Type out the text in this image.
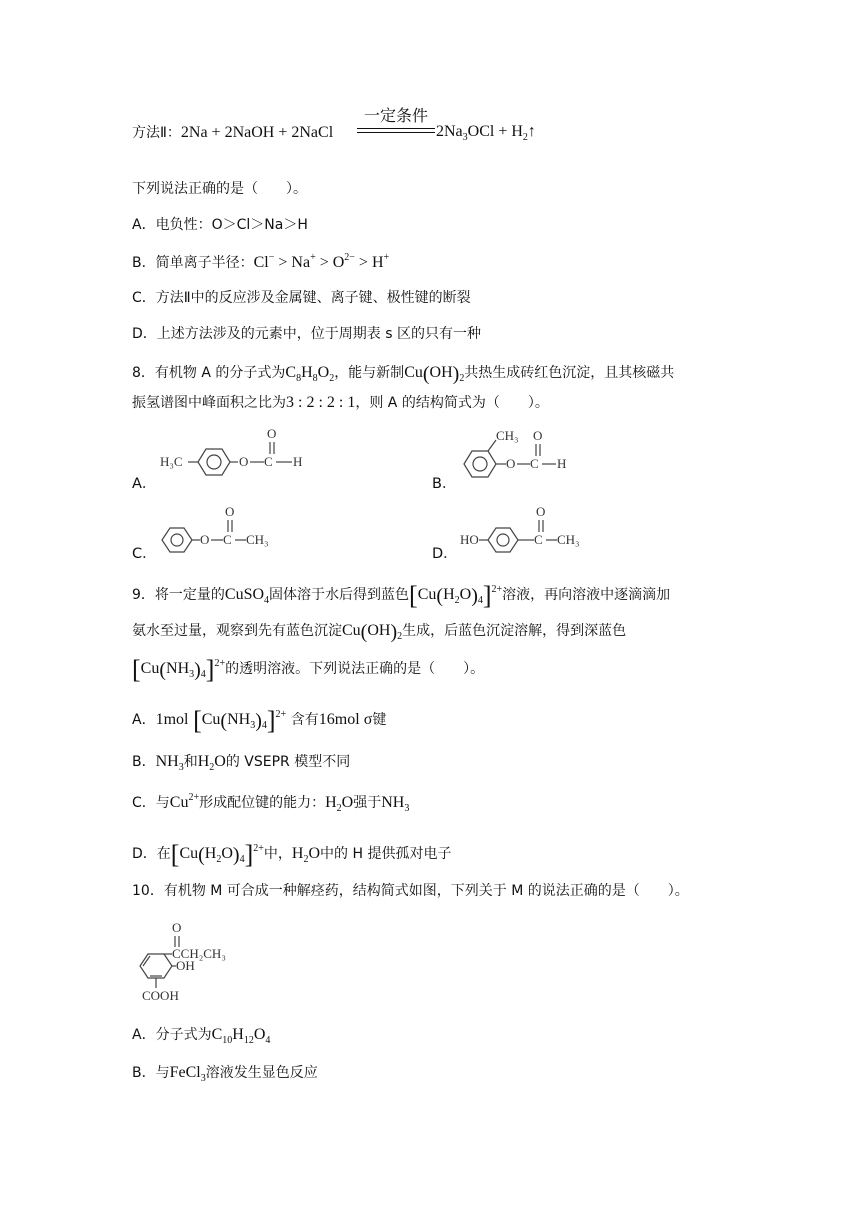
方法Ⅱ：2Na + 2NaOH + 2NaCl
一定条件
$2Na_3OCl$ + $H_2↑$
下列说法正确的是（　　）。
A．电负性：O＞Cl＞Na＞H
B．简单离子半径：$Cl^- > Na^+ > O^{2-} > H^+$
C．方法Ⅱ中的反应涉及金属键、离子键、极性键的断裂
D．上述方法涉及的元素中，位于周期表 s 区的只有一种
8．有机物 A 的分子式为$C_8H_8O_2$，能与新制$Cu(OH)_2$共热生成砖红色沉淀，且其核磁共
振氢谱图中峰面积之比为3 : 2 : 2 : 1，则 A 的结构简式为（　　）。
A．
H₃C	O C
O
H
B．
CH₃
O C
O
H
C．
O C
O
CH₃
D．
HO	C
O
CH₃
9．将一定量的CuSO$_4$固体溶于水后得到蓝色$[Cu(H_2O)_4]^{2+}$溶液，再向溶液中逐滴滴加
氨水至过量，观察到先有蓝色沉淀$Cu(OH)_2$生成，后蓝色沉淀溶解，得到深蓝色
$[Cu(NH_3)_4]^{2+}$的透明溶液。下列说法正确的是（　　）。
A．1mol $[Cu(NH_3)_4]^{2+}$ 含有16mol σ键
B．$NH_3$和$H_2O$的 VSEPR 模型不同
C．与$Cu^{2+}$形成配位键的能力：$H_2O$强于$NH_3$
D．在$[Cu(H_2O)_4]^{2+}$中，$H_2O$中的 H 提供孤对电子
10．有机物 M 可合成一种解痉药，结构简式如图，下列关于 M 的说法正确的是（　　）。
O
CCH₂CH₃
OH
COOH
A．分子式为$C_{10}H_{12}O_4$
B．与FeCl$_3$溶液发生显色反应
